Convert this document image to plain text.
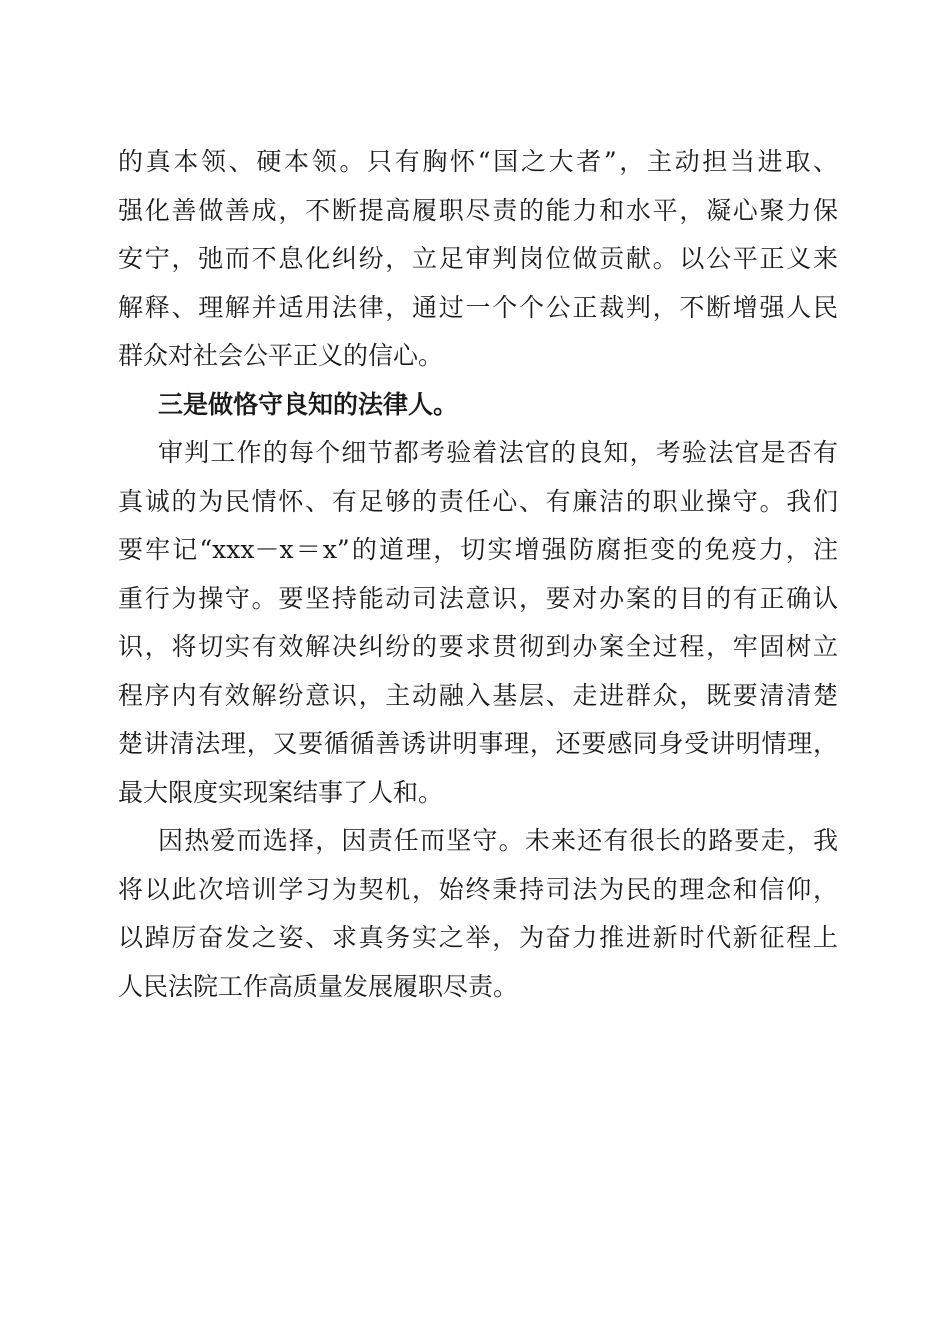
的真本领、硬本领。只有胸怀“国之大者”，主动担当进取、
强化善做善成，不断提高履职尽责的能力和水平，凝心聚力保
安宁，弛而不息化纠纷，立足审判岗位做贡献。以公平正义来
解释、理解并适用法律，通过一个个公正裁判，不断增强人民
群众对社会公平正义的信心。
三是做恪守良知的法律人。
审判工作的每个细节都考验着法官的良知，考验法官是否有
真诚的为民情怀、有足够的责任心、有廉洁的职业操守。我们
要牢记“xxx－x＝x”的道理，切实增强防腐拒变的免疫力，注
重行为操守。要坚持能动司法意识，要对办案的目的有正确认
识，将切实有效解决纠纷的要求贯彻到办案全过程，牢固树立
程序内有效解纷意识，主动融入基层、走进群众，既要清清楚
楚讲清法理，又要循循善诱讲明事理，还要感同身受讲明情理，
最大限度实现案结事了人和。
因热爱而选择，因责任而坚守。未来还有很长的路要走，我
将以此次培训学习为契机，始终秉持司法为民的理念和信仰，
以踔厉奋发之姿、求真务实之举，为奋力推进新时代新征程上
人民法院工作高质量发展履职尽责。
